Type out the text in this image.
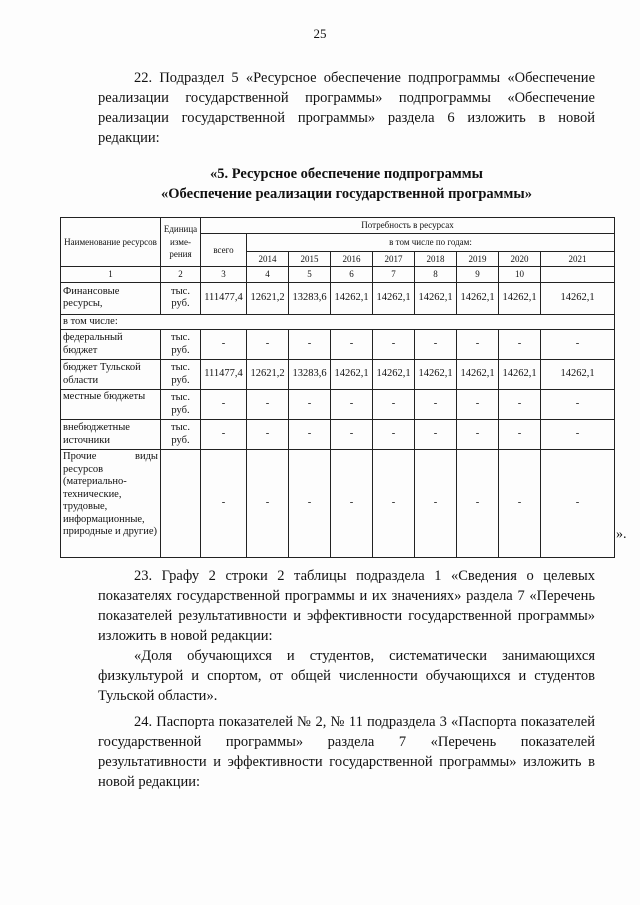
25

22. Подраздел 5 «Ресурсное обеспечение подпрограммы «Обеспечение реализации государственной программы» подпрограммы «Обеспечение реализации государственной программы» раздела 6 изложить в новой редакции:

«5. Ресурсное обеспечение подпрограммы

«Обеспечение реализации государственной программы»

Наименование ресурсов	Единица изме-рения	Потребность в ресурсах								
		всего	в том числе по годам:							
			2014	2015	2016	2017	2018	2019	2020	2021
1	2	3	4	5	6	7	8	9	10	
Финансовые ресурсы,	тыс. руб.	111477,4	12621,2	13283,6	14262,1	14262,1	14262,1	14262,1	14262,1	14262,1
в том числе:										
федеральный бюджет	тыс. руб.	-	-	-	-	-	-	-	-	-
бюджет Тульской области	тыс. руб.	111477,4	12621,2	13283,6	14262,1	14262,1	14262,1	14262,1	14262,1	14262,1
местные бюджеты	тыс. руб.	-	-	-	-	-	-	-	-	-
внебюджетные источники	тыс. руб.	-	-	-	-	-	-	-	-	-
Прочие виды ресурсов (материально-технические, трудовые, информационные, природные и другие)		-	-	-	-	-	-	-	-	-
».

23. Графу 2 строки 2 таблицы подраздела 1 «Сведения о целевых показателях государственной программы и их значениях» раздела 7 «Перечень показателей результативности и эффективности государственной программы» изложить в новой редакции:

«Доля обучающихся и студентов, систематически занимающихся физкультурой и спортом, от общей численности обучающихся и студентов Тульской области».

24. Паспорта показателей № 2, № 11 подраздела 3 «Паспорта показателей государственной программы» раздела 7 «Перечень показателей результативности и эффективности государственной программы» изложить в новой редакции:
